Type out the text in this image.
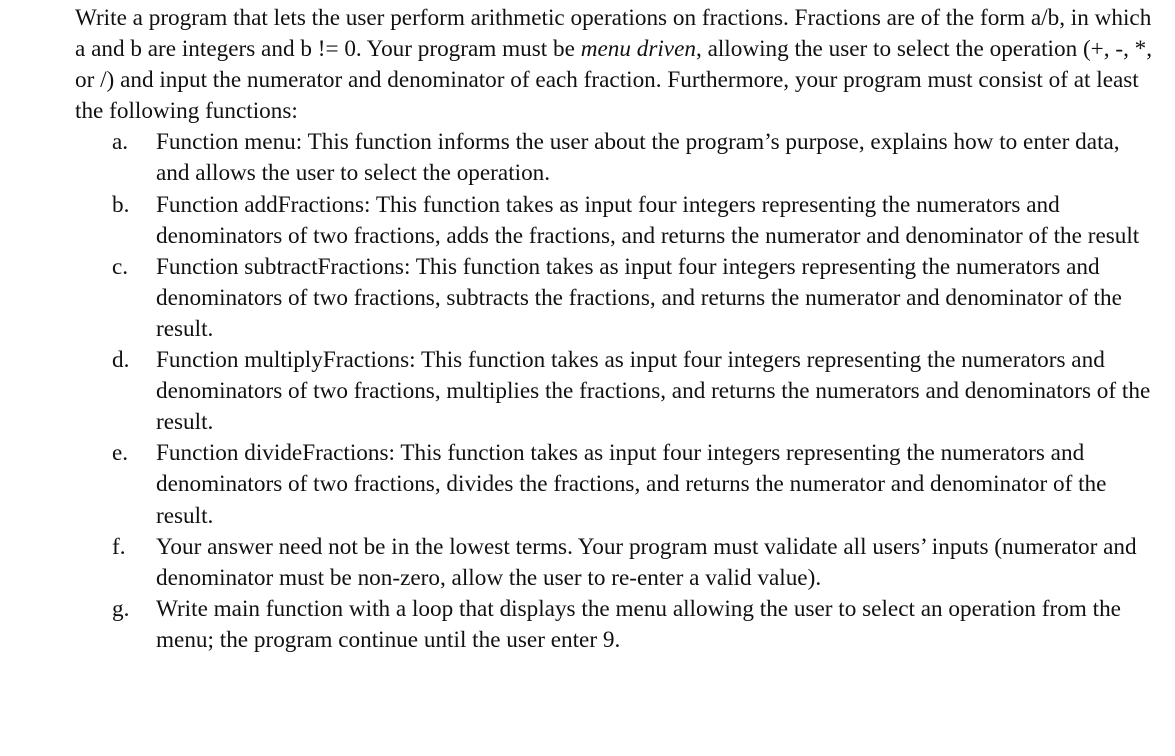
Write a program that lets the user perform arithmetic operations on fractions. Fractions are of the form a/b, in which a and b are integers and b != 0. Your program must be menu driven, allowing the user to select the operation (+, -, *, or /) and input the numerator and denominator of each fraction. Furthermore, your program must consist of at least the following functions:

a. Function menu: This function informs the user about the program’s purpose, explains how to enter data, and allows the user to select the operation.
b. Function addFractions: This function takes as input four integers representing the numerators and denominators of two fractions, adds the fractions, and returns the numerator and denominator of the result
c. Function subtractFractions: This function takes as input four integers representing the numerators and denominators of two fractions, subtracts the fractions, and returns the numerator and denominator of the result.
d. Function multiplyFractions: This function takes as input four integers representing the numerators and denominators of two fractions, multiplies the fractions, and returns the numerators and denominators of the result.
e. Function divideFractions: This function takes as input four integers representing the numerators and denominators of two fractions, divides the fractions, and returns the numerator and denominator of the result.
f. Your answer need not be in the lowest terms. Your program must validate all users’ inputs (numerator and denominator must be non-zero, allow the user to re-enter a valid value).
g. Write main function with a loop that displays the menu allowing the user to select an operation from the menu; the program continue until the user enter 9.
